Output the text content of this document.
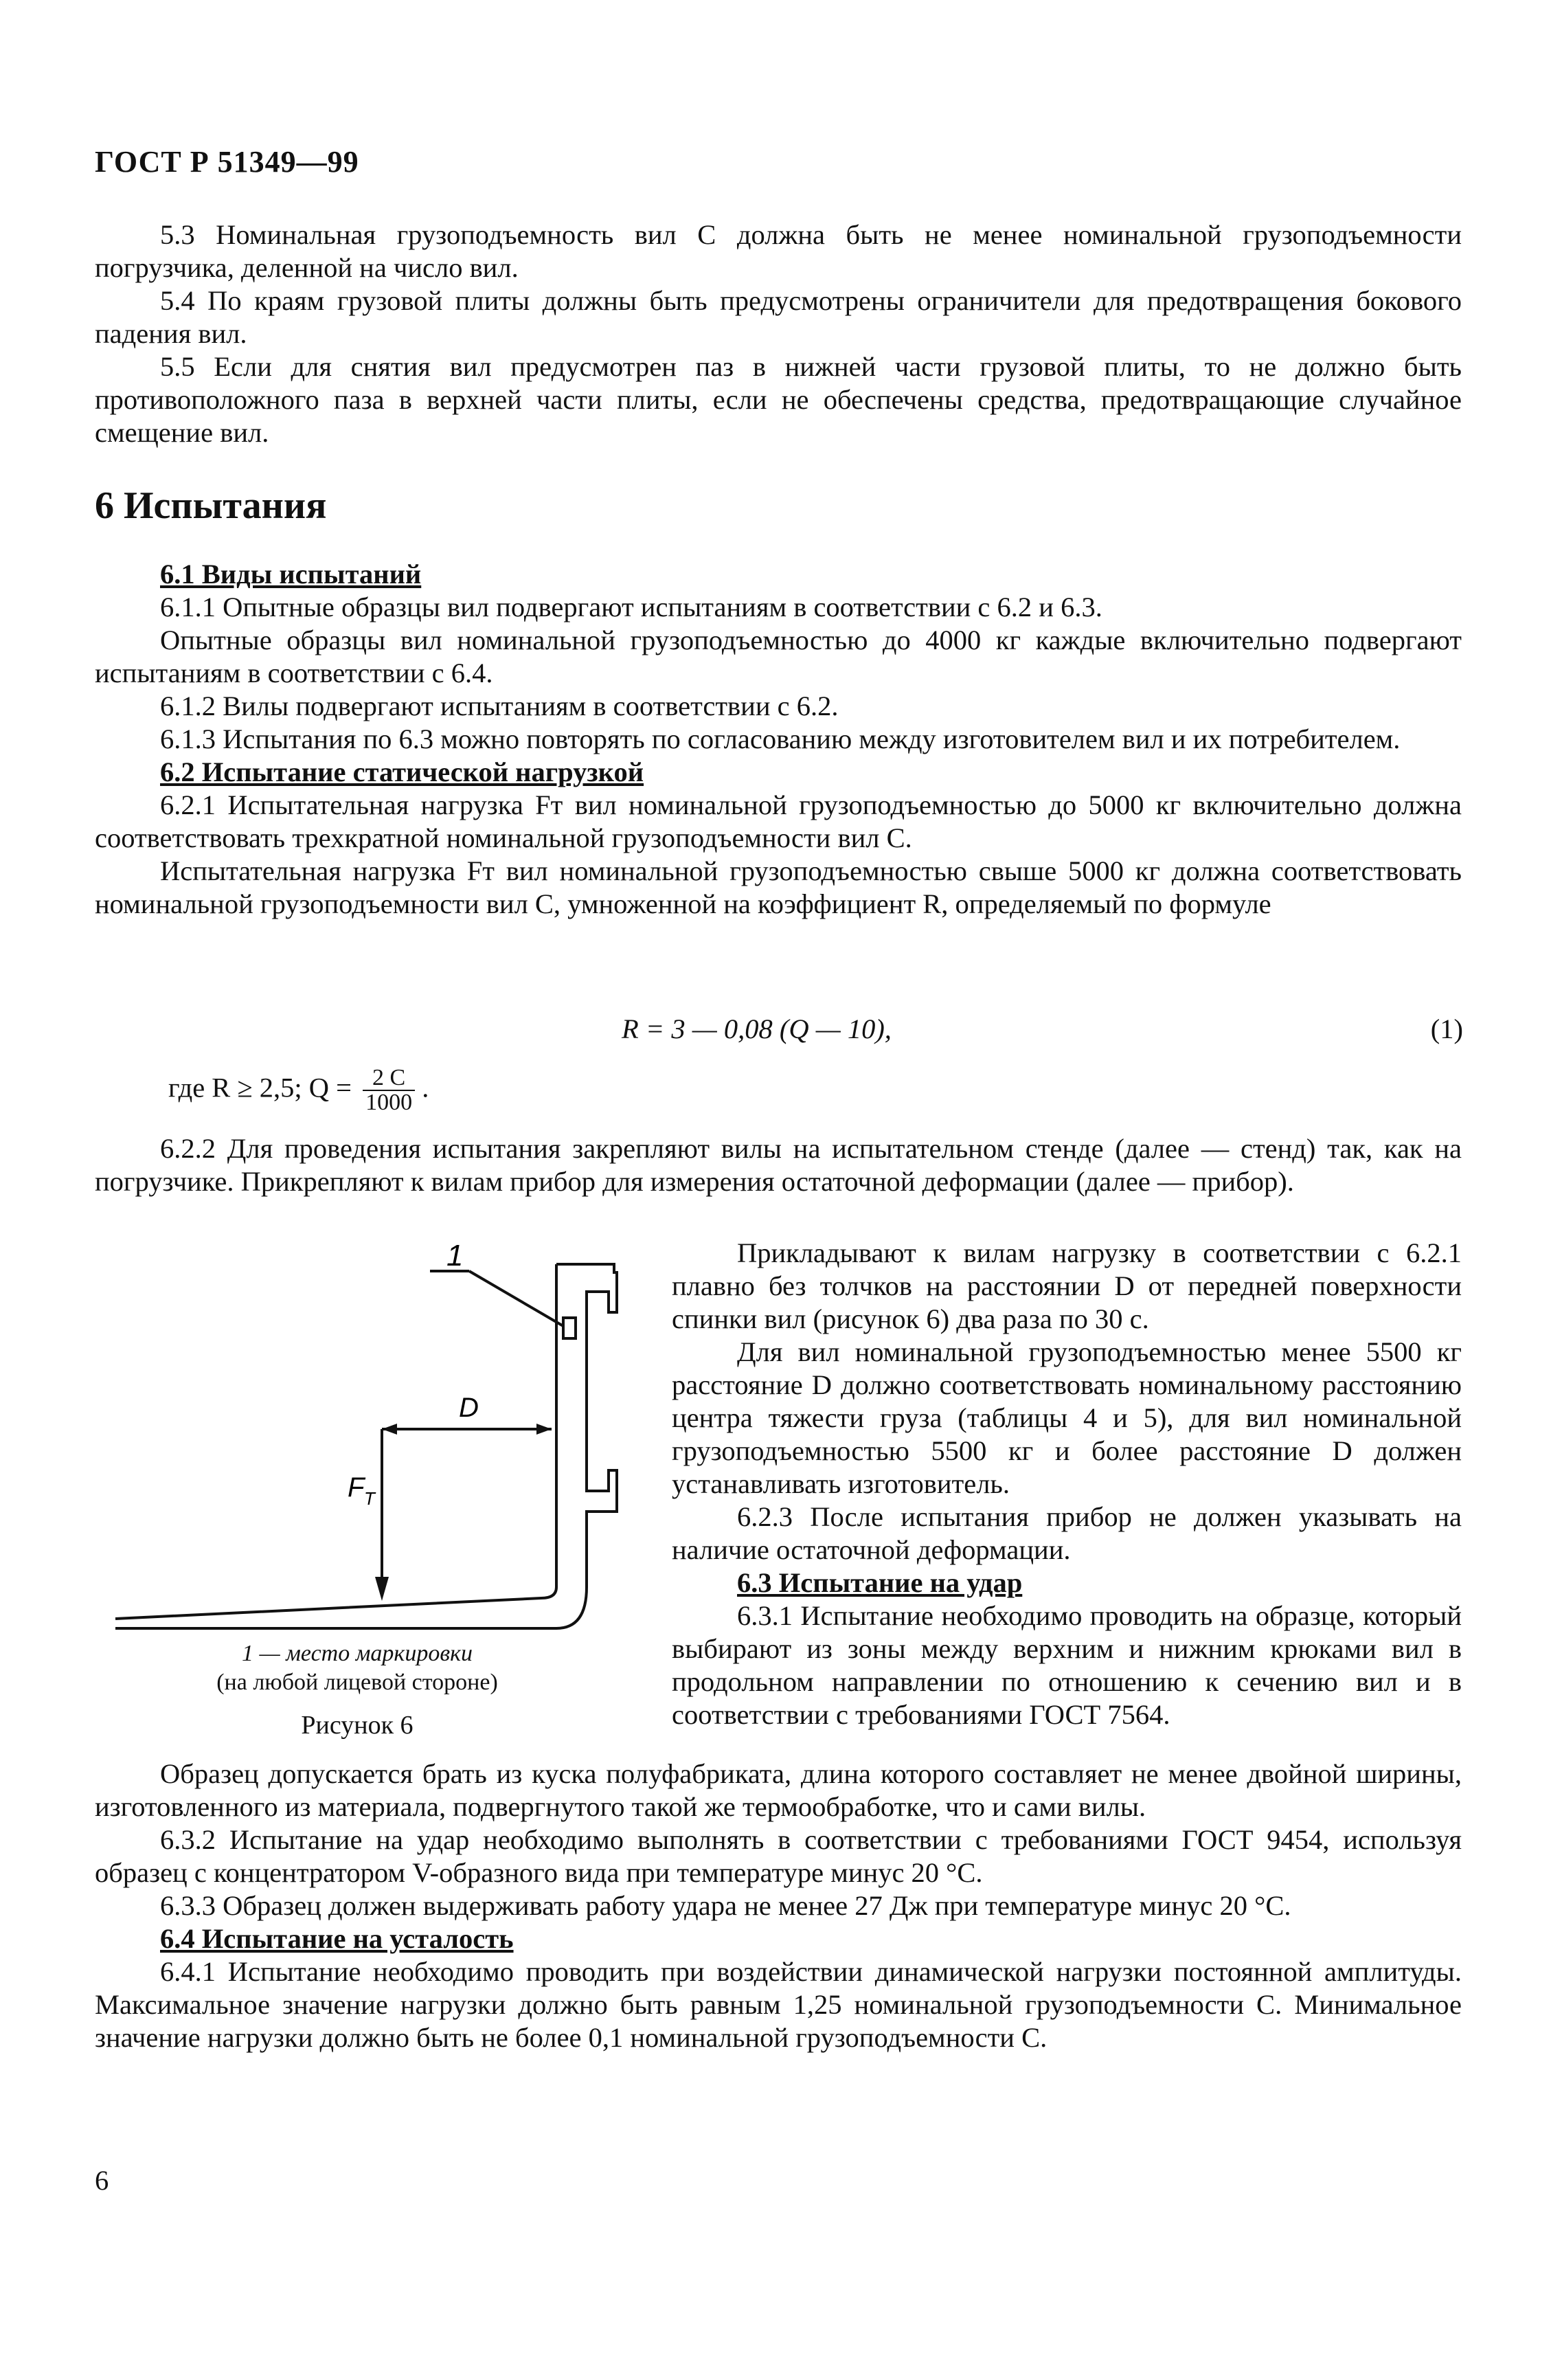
ГОСТ Р 51349—99

5.3 Номинальная грузоподъемность вил C должна быть не менее номинальной грузоподъемности погрузчика, деленной на число вил.

5.4 По краям грузовой плиты должны быть предусмотрены ограничители для предотвращения бокового падения вил.

5.5 Если для снятия вил предусмотрен паз в нижней части грузовой плиты, то не должно быть противоположного паза в верхней части плиты, если не обеспечены средства, предотвращающие случайное смещение вил.

6 Испытания

6.1 Виды испытаний

6.1.1 Опытные образцы вил подвергают испытаниям в соответствии с 6.2 и 6.3.

Опытные образцы вил номинальной грузоподъемностью до 4000 кг каждые включительно подвергают испытаниям в соответствии с 6.4.

6.1.2 Вилы подвергают испытаниям в соответствии с 6.2.

6.1.3 Испытания по 6.3 можно повторять по согласованию между изготовителем вил и их потребителем.

6.2 Испытание статической нагрузкой

6.2.1 Испытательная нагрузка Fт вил номинальной грузоподъемностью до 5000 кг включительно должна соответствовать трехкратной номинальной грузоподъемности вил C.

Испытательная нагрузка Fт вил номинальной грузоподъемностью свыше 5000 кг должна соответствовать номинальной грузоподъемности вил C, умноженной на коэффициент R, определяемый по формуле

R = 3 — 0,08 (Q — 10),	(1)
где R ≥ 2,5; $Q = \frac{2 C}{1000}$ .

6.2.2 Для проведения испытания закрепляют вилы на испытательном стенде (далее — стенд) так, как на погрузчике. Прикрепляют к вилам прибор для измерения остаточной деформации (далее — прибор).

1
D
F T
1 — место маркировки
(на любой лицевой стороне)
Рисунок 6

Прикладывают к вилам нагрузку в соответствии с 6.2.1 плавно без толчков на расстоянии D от передней поверхности спинки вил (рисунок 6) два раза по 30 с.

Для вил номинальной грузоподъемностью менее 5500 кг расстояние D должно соответствовать номинальному расстоянию центра тяжести груза (таблицы 4 и 5), для вил номинальной грузоподъемностью 5500 кг и более расстояние D должен устанавливать изготовитель.

6.2.3 После испытания прибор не должен указывать на наличие остаточной деформации.

6.3 Испытание на удар

6.3.1 Испытание необходимо проводить на образце, который выбирают из зоны между верхним и нижним крюками вил в продольном направлении по отношению к сечению вил и в соответствии с требованиями ГОСТ 7564.

Образец допускается брать из куска полуфабриката, длина которого составляет не менее двойной ширины, изготовленного из материала, подвергнутого такой же термообработке, что и сами вилы.

6.3.2 Испытание на удар необходимо выполнять в соответствии с требованиями ГОСТ 9454, используя образец с концентратором V-образного вида при температуре минус 20 °С.

6.3.3 Образец должен выдерживать работу удара не менее 27 Дж при температуре минус 20 °С.

6.4 Испытание на усталость

6.4.1 Испытание необходимо проводить при воздействии динамической нагрузки постоянной амплитуды. Максимальное значение нагрузки должно быть равным 1,25 номинальной грузоподъемности C. Минимальное значение нагрузки должно быть не более 0,1 номинальной грузоподъемности C.

6
